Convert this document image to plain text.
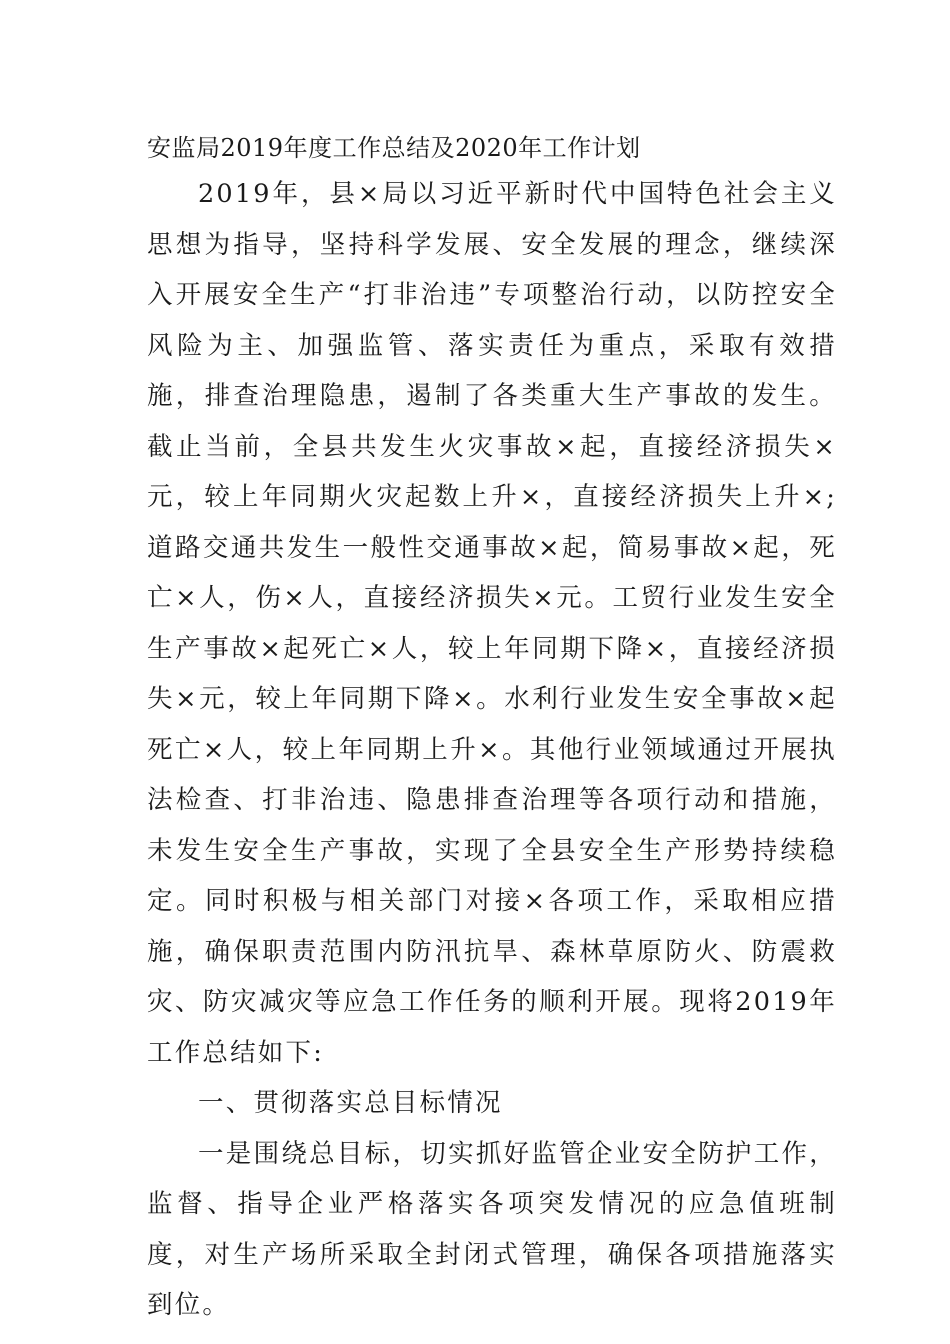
安监局2019年度工作总结及2020年工作计划

2019年，县×局以习近平新时代中国特色社会主义思想为指导，坚持科学发展、安全发展的理念，继续深入开展安全生产“打非治违”专项整治行动，以防控安全风险为主、加强监管、落实责任为重点，采取有效措施，排查治理隐患，遏制了各类重大生产事故的发生。截止当前，全县共发生火灾事故×起，直接经济损失×元，较上年同期火灾起数上升×，直接经济损失上升×;道路交通共发生一般性交通事故×起，简易事故×起，死亡×人，伤×人，直接经济损失×元。工贸行业发生安全生产事故×起死亡×人，较上年同期下降×，直接经济损失×元，较上年同期下降×。水利行业发生安全事故×起死亡×人，较上年同期上升×。其他行业领域通过开展执法检查、打非治违、隐患排查治理等各项行动和措施，未发生安全生产事故，实现了全县安全生产形势持续稳定。同时积极与相关部门对接×各项工作，采取相应措施，确保职责范围内防汛抗旱、森林草原防火、防震救灾、防灾减灾等应急工作任务的顺利开展。现将2019年工作总结如下:

一、贯彻落实总目标情况

一是围绕总目标，切实抓好监管企业安全防护工作，监督、指导企业严格落实各项突发情况的应急值班制度，对生产场所采取全封闭式管理，确保各项措施落实到位。
